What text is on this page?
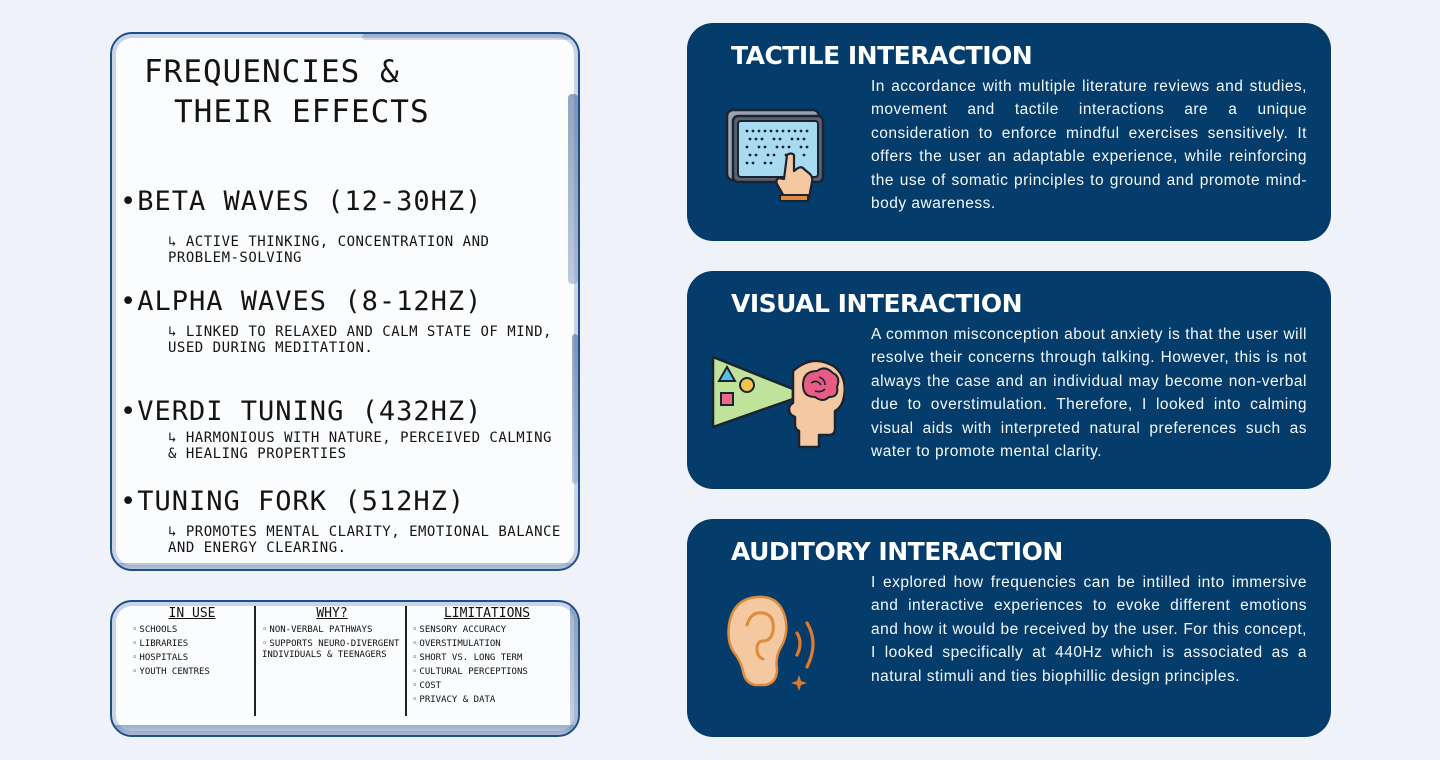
FREQUENCIES &

THEIR EFFECTS

•BETA WAVES (12-30HZ)

↳ ACTIVE THINKING, CONCENTRATION AND PROBLEM-SOLVING

•ALPHA WAVES (8-12HZ)

↳ LINKED TO RELAXED AND CALM STATE OF MIND, USED DURING MEDITATION.

•VERDI TUNING (432HZ)

↳ HARMONIOUS WITH NATURE, PERCEIVED CALMING & HEALING PROPERTIES

•TUNING FORK (512HZ)

↳ PROMOTES MENTAL CLARITY, EMOTIONAL BALANCE AND ENERGY CLEARING.

IN USE
◦ SCHOOLS
◦ LIBRARIES
◦ HOSPITALS
◦ YOUTH CENTRES
WHY?
◦ NON-VERBAL PATHWAYS
◦ SUPPORTS NEURO-DIVERGENT INDIVIDUALS & TEENAGERS
LIMITATIONS
◦ SENSORY ACCURACY
◦ OVERSTIMULATION
◦ SHORT VS. LONG TERM
◦ CULTURAL PERCEPTIONS
◦ COST
◦ PRIVACY & DATA
TACTILE INTERACTION

In accordance with multiple literature reviews and studies, movement and tactile interactions are a unique consideration to enforce mindful exercises sensitively. It offers the user an adaptable experience, while reinforcing the use of somatic principles to ground and promote mind-body awareness.

VISUAL INTERACTION

A common misconception about anxiety is that the user will resolve their concerns through talking. However, this is not always the case and an individual may become non-verbal due to overstimulation. Therefore, I looked into calming visual aids with interpreted natural preferences such as water to promote mental clarity.

AUDITORY INTERACTION

I explored how frequencies can be intilled into immersive and interactive experiences to evoke different emotions and how it would be received by the user. For this concept, I looked specifically at 440Hz which is associated as a natural stimuli and ties biophillic design principles.
